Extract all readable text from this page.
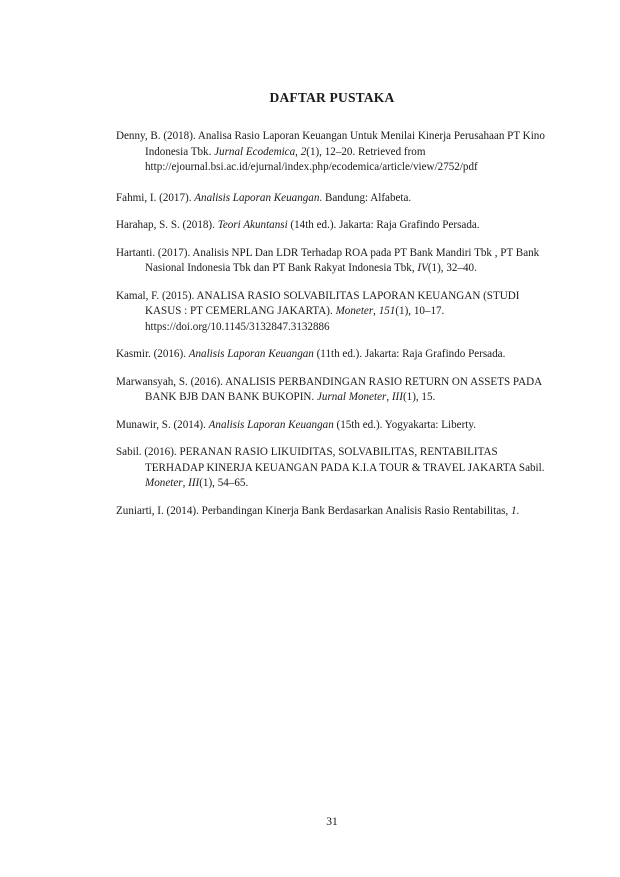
DAFTAR PUSTAKA

Denny, B. (2018). Analisa Rasio Laporan Keuangan Untuk Menilai Kinerja Perusahaan PT Kino Indonesia Tbk. Jurnal Ecodemica, 2(1), 12–20. Retrieved from http://ejournal.bsi.ac.id/ejurnal/index.php/ecodemica/article/view/2752/pdf

Fahmi, I. (2017). Analisis Laporan Keuangan. Bandung: Alfabeta.

Harahap, S. S. (2018). Teori Akuntansi (14th ed.). Jakarta: Raja Grafindo Persada.

Hartanti. (2017). Analisis NPL Dan LDR Terhadap ROA pada PT Bank Mandiri Tbk , PT Bank Nasional Indonesia Tbk dan PT Bank Rakyat Indonesia Tbk, IV(1), 32–40.

Kamal, F. (2015). ANALISA RASIO SOLVABILITAS LAPORAN KEUANGAN (STUDI KASUS : PT CEMERLANG JAKARTA). Moneter, 151(1), 10–17. https://doi.org/10.1145/3132847.3132886

Kasmir. (2016). Analisis Laporan Keuangan (11th ed.). Jakarta: Raja Grafindo Persada.

Marwansyah, S. (2016). ANALISIS PERBANDINGAN RASIO RETURN ON ASSETS PADA BANK BJB DAN BANK BUKOPIN. Jurnal Moneter, III(1), 15.

Munawir, S. (2014). Analisis Laporan Keuangan (15th ed.). Yogyakarta: Liberty.

Sabil. (2016). PERANAN RASIO LIKUIDITAS, SOLVABILITAS, RENTABILITAS TERHADAP KINERJA KEUANGAN PADA K.I.A TOUR & TRAVEL JAKARTA Sabil. Moneter, III(1), 54–65.

Zuniarti, I. (2014). Perbandingan Kinerja Bank Berdasarkan Analisis Rasio Rentabilitas, 1.

31
